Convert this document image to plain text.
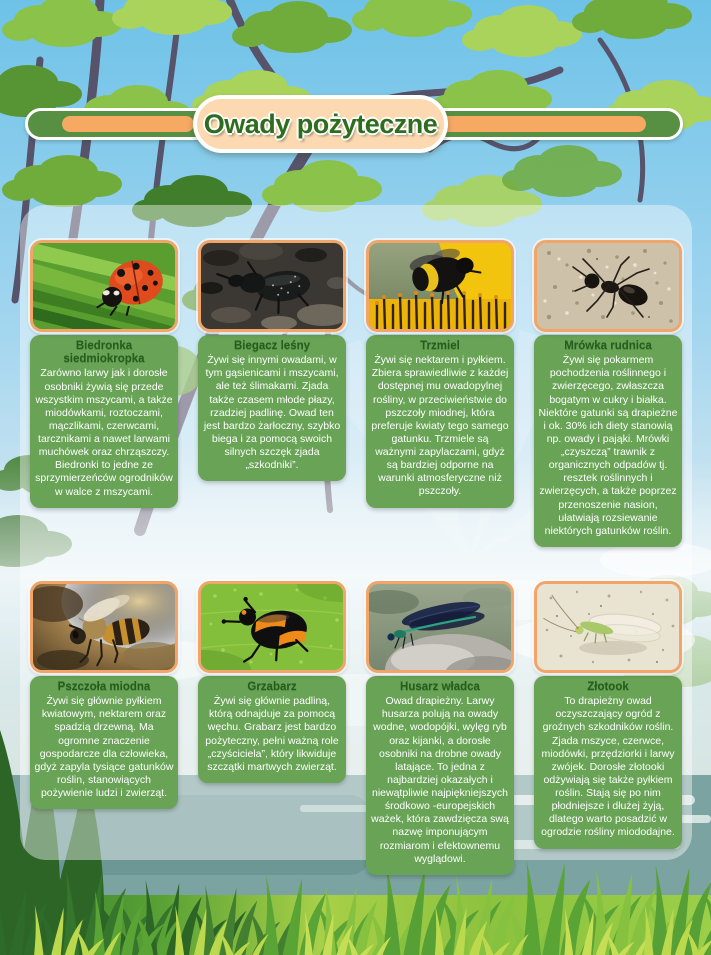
Owady pożyteczne
Biedronka siedmiokropka
Zarówno larwy jak i dorosłe osobniki żywią się przede wszystkim mszycami, a także miodówkami, roztoczami, mączlikami, czerwcami, tarcznikami a nawet larwami muchówek oraz chrząszczy. Biedronki to jedne ze sprzymierzeńców ogrodników w walce z mszycami.
Biegacz leśny
Żywi się innymi owadami, w tym gąsienicami i mszycami, ale też ślimakami. Zjada także czasem młode płazy, rzadziej padlinę. Owad ten jest bardzo żarłoczny, szybko biega i za pomocą swoich silnych szczęk zjada „szkodniki”.
Trzmiel
Żywi się nektarem i pyłkiem. Zbiera sprawiedliwie z każdej dostępnej mu owadopylnej rośliny, w przeciwieństwie do pszczoły miodnej, która preferuje kwiaty tego samego gatunku. Trzmiele są ważnymi zapylaczami, gdyż są bardziej odporne na warunki atmosferyczne niż pszczoły.
Mrówka rudnica
Żywi się pokarmem pochodzenia roślinnego i zwierzęcego, zwłaszcza bogatym w cukry i białka. Niektóre gatunki są drapieżne i ok. 30% ich diety stanowią np. owady i pająki. Mrówki „czyszczą” trawnik z organicznych odpadów tj. resztek roślinnych i zwierzęcych, a także poprzez przenoszenie nasion, ułatwiają rozsiewanie niektórych gatunków roślin.
Pszczoła miodna
Żywi się głównie pyłkiem kwiatowym, nektarem oraz spadzią drzewną. Ma ogromne znaczenie gospodarcze dla człowieka, gdyż zapyla tysiące gatunków roślin, stanowiących pożywienie ludzi i zwierząt.
Grzabarz
Żywi się głównie padliną, którą odnajduje za pomocą węchu. Grabarz jest bardzo pożyteczny, pełni ważną role „czyściciela”, który likwiduje szczątki martwych zwierząt.
Husarz władca
Owad drapieżny. Larwy husarza polują na owady wodne, wodopójki, wylęg ryb oraz kijanki, a dorosłe osobniki na drobne owady latające. To jedna z najbardziej okazałych i niewątpliwie najpiękniejszych środkowo -europejskich ważek, która zawdzięcza swą nazwę imponującym rozmiarom i efektownemu wyglądowi.
Złotook
To drapieżny owad oczyszczający ogród z groźnych szkodników roślin. Zjada mszyce, czerwce, miodówki, przędziorki i larwy zwójek. Dorosłe złotooki odżywiają się także pyłkiem roślin. Stają się po nim płodniejsze i dłużej żyją, dlatego warto posadzić w ogrodzie rośliny miododajne.
